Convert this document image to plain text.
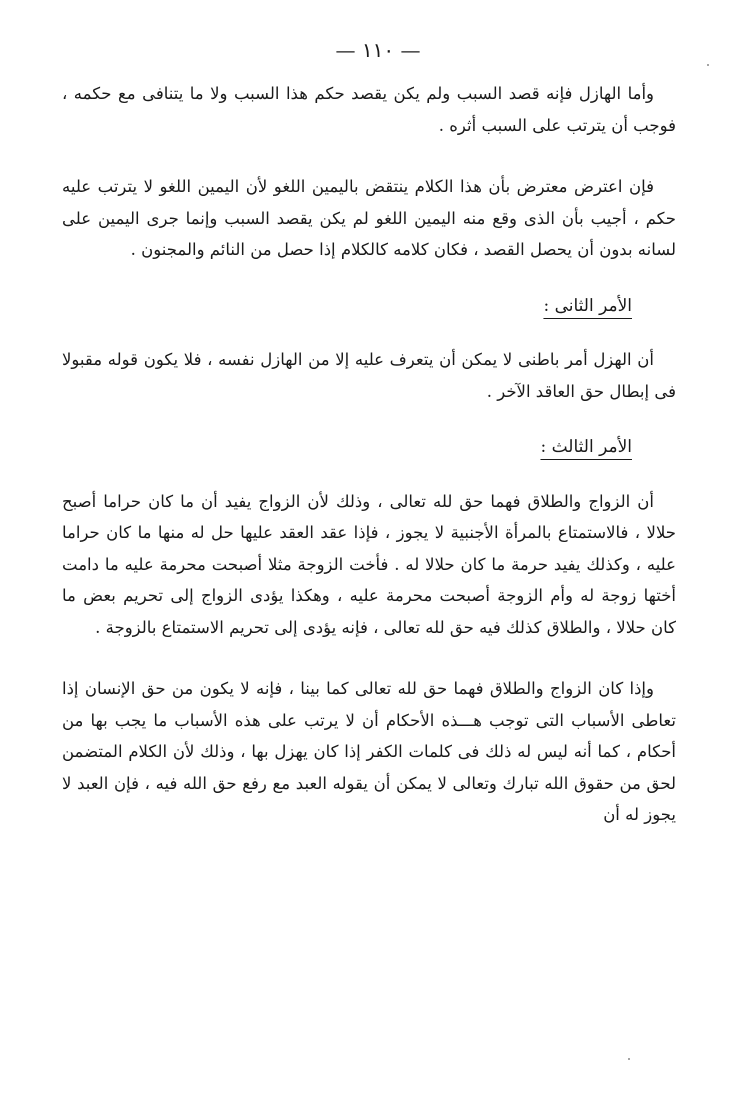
— ١١٠ —

وأما الهازل فإنه قصد السبب ولم يكن يقصد حكم هذا السبب ولا ما يتنافى مع حكمه ، فوجب أن يترتب على السبب أثره .

فإن اعترض معترض بأن هذا الكلام ينتقض باليمين اللغو لأن اليمين اللغو لا يترتب عليه حكم ، أجيب بأن الذى وقع منه اليمين اللغو لم يكن يقصد السبب وإنما جرى اليمين على لسانه بدون أن يحصل القصد ، فكان كلامه كالكلام إذا حصل من النائم والمجنون .

الأمر الثانى :

أن الهزل أمر باطنى لا يمكن أن يتعرف عليه إلا من الهازل نفسه ، فلا يكون قوله مقبولا فى إبطال حق العاقد الآخر .

الأمر الثالث :

أن الزواج والطلاق فهما حق لله تعالى ، وذلك لأن الزواج يفيد أن ما كان حراما أصبح حلالا ، فالاستمتاع بالمرأة الأجنبية لا يجوز ، فإذا عقد العقد عليها حل له منها ما كان حراما عليه ، وكذلك يفيد حرمة ما كان حلالا له . فأخت الزوجة مثلا أصبحت محرمة عليه ما دامت أختها زوجة له وأم الزوجة أصبحت محرمة عليه ، وهكذا يؤدى الزواج إلى تحريم بعض ما كان حلالا ، والطلاق كذلك فيه حق لله تعالى ، فإنه يؤدى إلى تحريم الاستمتاع بالزوجة .

وإذا كان الزواج والطلاق فهما حق لله تعالى كما بينا ، فإنه لا يكون من حق الإنسان إذا تعاطى الأسباب التى توجب هـــذه الأحكام أن لا يرتب على هذه الأسباب ما يجب بها من أحكام ، كما أنه ليس له ذلك فى كلمات الكفر إذا كان يهزل بها ، وذلك لأن الكلام المتضمن لحق من حقوق الله تبارك وتعالى لا يمكن أن يقوله العبد مع رفع حق الله فيه ، فإن العبد لا يجوز له أن
